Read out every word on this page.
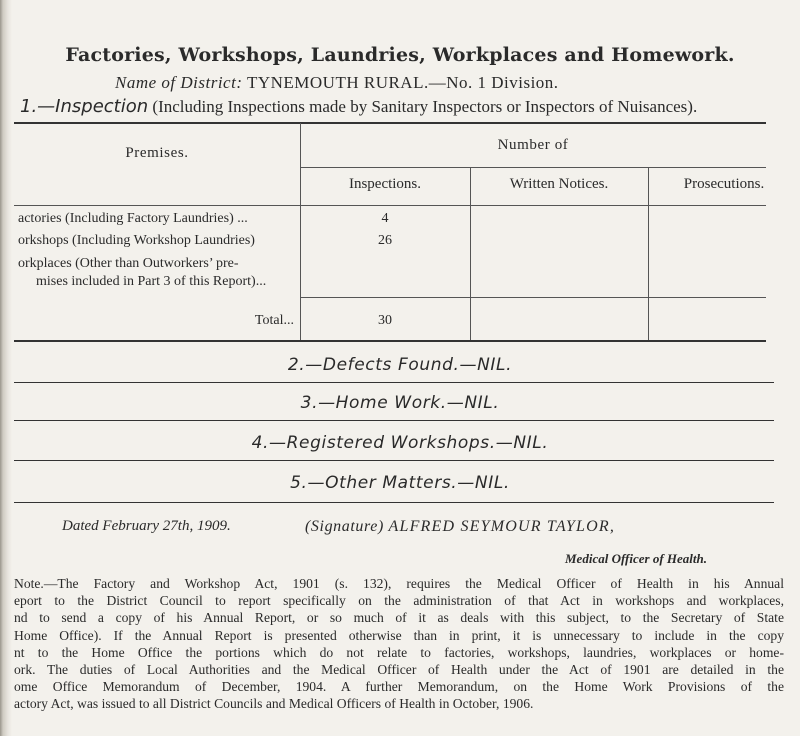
Factories, Workshops, Laundries, Workplaces and Homework.
Name of District: TYNEMOUTH RURAL.—No. 1 Division.
1.—Inspection (Including Inspections made by Sanitary Inspectors or Inspectors of Nuisances).
Premises.	Number of
Inspections.	Written Notices.	Prosecutions.
actories (Including Factory Laundries) ...	4
orkshops (Including Workshop Laundries)	26
orkplaces (Other than Outworkers’ pre-
mises included in Part 3 of this Report)...
Total...	30
2.—Defects Found.—NIL.
3.—Home Work.—NIL.
4.—Registered Workshops.—NIL.
5.—Other Matters.—NIL.
Dated February 27th, 1909.	(Signature) ALFRED SEYMOUR TAYLOR,
Medical Officer of Health.
Note.—The Factory and Workshop Act, 1901 (s. 132), requires the Medical Officer of Health in his Annual
eport to the District Council to report specifically on the administration of that Act in workshops and workplaces,
nd to send a copy of his Annual Report, or so much of it as deals with this subject, to the Secretary of State
Home Office). If the Annual Report is presented otherwise than in print, it is unnecessary to include in the copy
nt to the Home Office the portions which do not relate to factories, workshops, laundries, workplaces or home-
ork. The duties of Local Authorities and the Medical Officer of Health under the Act of 1901 are detailed in the
ome Office Memorandum of December, 1904. A further Memorandum, on the Home Work Provisions of the
actory Act, was issued to all District Councils and Medical Officers of Health in October, 1906.
